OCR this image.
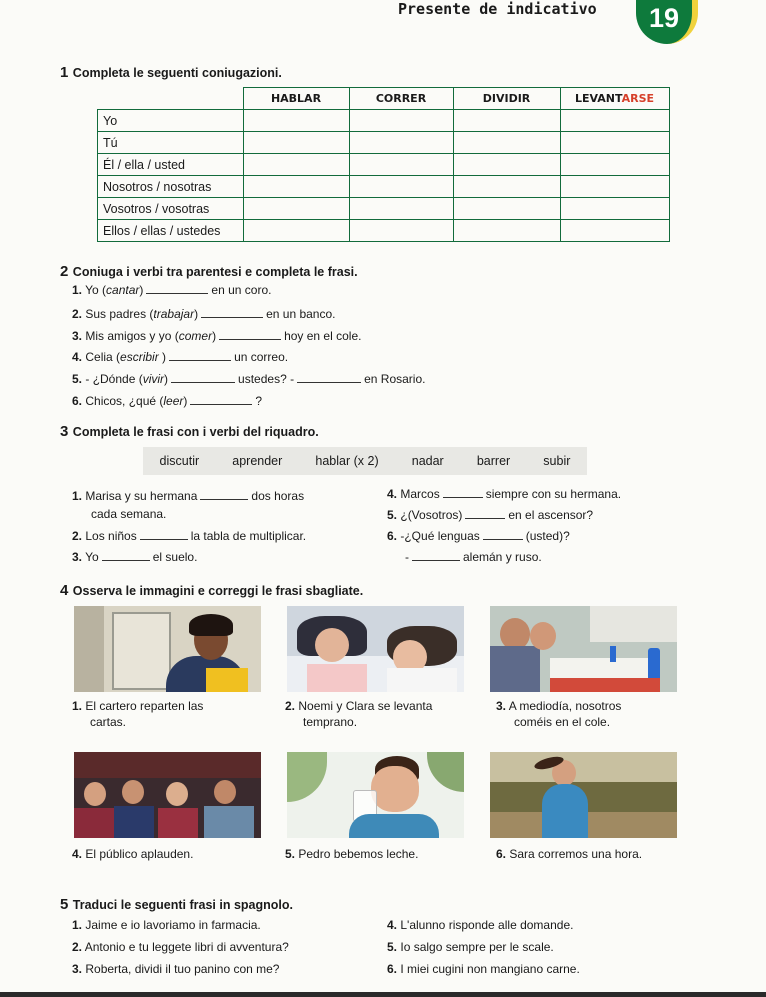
Presente de indicativo	19
1 Completa le seguenti coniugazioni.
	HABLAR	CORRER	DIVIDIR	LEVANTARSE
Yo				
Tú				
Él / ella / usted				
Nosotros / nosotras				
Vosotros / vosotras				
Ellos / ellas / ustedes				
2 Coniuga i verbi tra parentesi e completa le frasi.
1. Yo (cantar)	en un coro.
2. Sus padres (trabajar)	en un banco.
3. Mis amigos y yo (comer)	hoy en el cole.
4. Celia (escribir )	un correo.
5. - ¿Dónde (vivir)	ustedes? -	en Rosario.
6. Chicos, ¿qué (leer)	?
3 Completa le frasi con i verbi del riquadro.
discutir	aprender	hablar (x 2)	nadar	barrer	subir
1. Marisa y su hermana	dos horas
cada semana.
2. Los niños	la tabla de multiplicar.
3. Yo	el suelo.
4. Marcos	siempre con su hermana.
5. ¿(Vosotros)	en el ascensor?
6. -¿Qué lenguas	(usted)?
-	alemán y ruso.
4 Osserva le immagini e correggi le frasi sbagliate.
1. El cartero reparten las
cartas.
2. Noemi y Clara se levanta
temprano.
3. A mediodía, nosotros
coméis en el cole.
4. El público aplauden.	5. Pedro bebemos leche.	6. Sara corremos una hora.
5 Traduci le seguenti frasi in spagnolo.
1. Jaime e io lavoriamo in farmacia.
2. Antonio e tu leggete libri di avventura?
3. Roberta, dividi il tuo panino con me?
4. L'alunno risponde alle domande.
5. Io salgo sempre per le scale.
6. I miei cugini non mangiano carne.
